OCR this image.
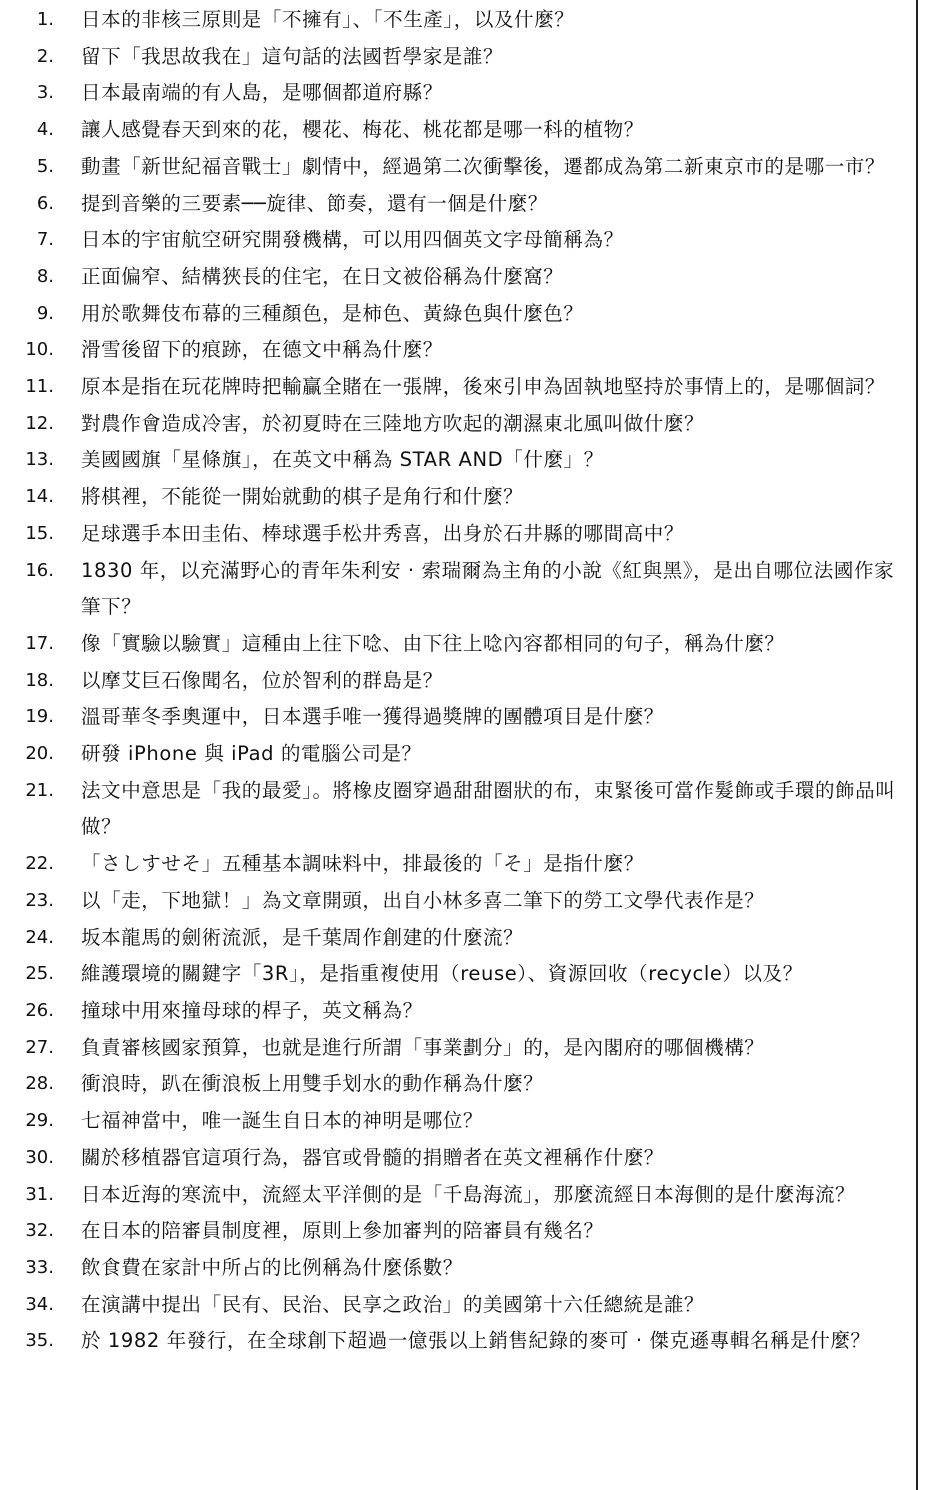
1.	日本的非核三原則是「不擁有」、「不生產」，以及什麼？
2.	留下「我思故我在」這句話的法國哲學家是誰？
3.	日本最南端的有人島，是哪個都道府縣？
4.	讓人感覺春天到來的花，櫻花、梅花、桃花都是哪一科的植物？
5.	動畫「新世紀福音戰士」劇情中，經過第二次衝擊後，遷都成為第二新東京市的是哪一市？
6.	提到音樂的三要素──旋律、節奏，還有一個是什麼？
7.	日本的宇宙航空研究開發機構，可以用四個英文字母簡稱為？
8.	正面偏窄、結構狹長的住宅，在日文被俗稱為什麼窩？
9.	用於歌舞伎布幕的三種顏色，是柿色、黃綠色與什麼色？
10.	滑雪後留下的痕跡，在德文中稱為什麼？
11.	原本是指在玩花牌時把輸贏全賭在一張牌，後來引申為固執地堅持於事情上的，是哪個詞？
12.	對農作會造成冷害，於初夏時在三陸地方吹起的潮濕東北風叫做什麼？
13.	美國國旗「星條旗」，在英文中稱為 STAR AND「什麼」？
14.	將棋裡，不能從一開始就動的棋子是角行和什麼？
15.	足球選手本田圭佑、棒球選手松井秀喜，出身於石井縣的哪間高中？
16.	1830 年，以充滿野心的青年朱利安 ‧ 索瑞爾為主角的小說《紅與黑》，是出自哪位法國作家筆下？
17.	像「實驗以驗實」這種由上往下唸、由下往上唸內容都相同的句子，稱為什麼？
18.	以摩艾巨石像聞名，位於智利的群島是？
19.	溫哥華冬季奧運中，日本選手唯一獲得過獎牌的團體項目是什麼？
20.	研發 iPhone 與 iPad 的電腦公司是？
21.	法文中意思是「我的最愛」。將橡皮圈穿過甜甜圈狀的布，束緊後可當作髮飾或手環的飾品叫做？
22.	「さしすせそ」五種基本調味料中，排最後的「そ」是指什麼？
23.	以「走，下地獄！」為文章開頭，出自小林多喜二筆下的勞工文學代表作是？
24.	坂本龍馬的劍術流派，是千葉周作創建的什麼流？
25.	維護環境的關鍵字「3R」，是指重複使用（reuse）、資源回收（recycle）以及？
26.	撞球中用來撞母球的桿子，英文稱為？
27.	負責審核國家預算，也就是進行所謂「事業劃分」的，是內閣府的哪個機構？
28.	衝浪時，趴在衝浪板上用雙手划水的動作稱為什麼？
29.	七福神當中，唯一誕生自日本的神明是哪位？
30.	關於移植器官這項行為，器官或骨髓的捐贈者在英文裡稱作什麼？
31.	日本近海的寒流中，流經太平洋側的是「千島海流」，那麼流經日本海側的是什麼海流？
32.	在日本的陪審員制度裡，原則上參加審判的陪審員有幾名？
33.	飲食費在家計中所占的比例稱為什麼係數？
34.	在演講中提出「民有、民治、民享之政治」的美國第十六任總統是誰？
35.	於 1982 年發行，在全球創下超過一億張以上銷售紀錄的麥可 ‧ 傑克遜專輯名稱是什麼？
